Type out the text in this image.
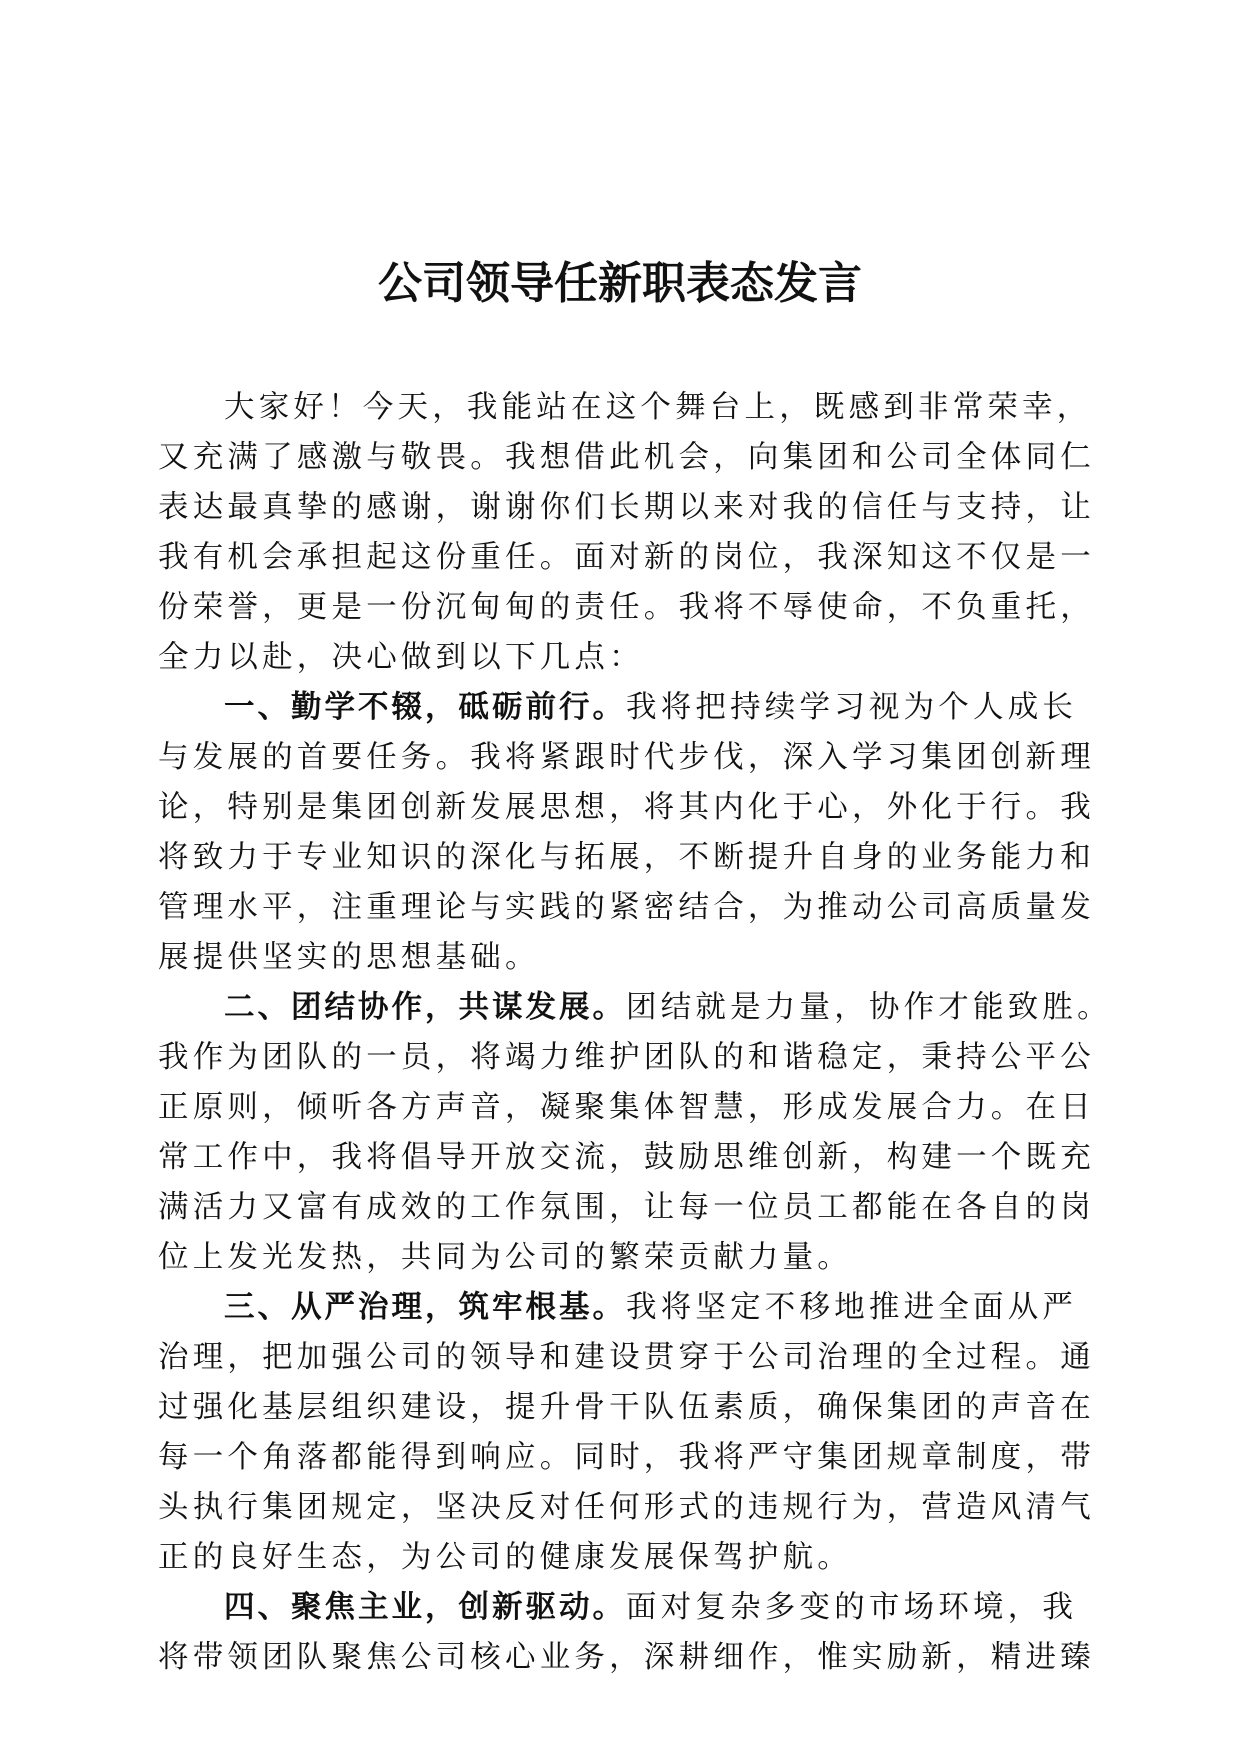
公司领导任新职表态发言
大家好！今天，我能站在这个舞台上，既感到非常荣幸，
又充满了感激与敬畏。我想借此机会，向集团和公司全体同仁
表达最真挚的感谢，谢谢你们长期以来对我的信任与支持，让
我有机会承担起这份重任。面对新的岗位，我深知这不仅是一
份荣誉，更是一份沉甸甸的责任。我将不辱使命，不负重托，
全力以赴，决心做到以下几点：
一、勤学不辍，砥砺前行。我将把持续学习视为个人成长
与发展的首要任务。我将紧跟时代步伐，深入学习集团创新理
论，特别是集团创新发展思想，将其内化于心，外化于行。我
将致力于专业知识的深化与拓展，不断提升自身的业务能力和
管理水平，注重理论与实践的紧密结合，为推动公司高质量发
展提供坚实的思想基础。
二、团结协作，共谋发展。团结就是力量，协作才能致胜。
我作为团队的一员，将竭力维护团队的和谐稳定，秉持公平公
正原则，倾听各方声音，凝聚集体智慧，形成发展合力。在日
常工作中，我将倡导开放交流，鼓励思维创新，构建一个既充
满活力又富有成效的工作氛围，让每一位员工都能在各自的岗
位上发光发热，共同为公司的繁荣贡献力量。
三、从严治理，筑牢根基。我将坚定不移地推进全面从严
治理，把加强公司的领导和建设贯穿于公司治理的全过程。通
过强化基层组织建设，提升骨干队伍素质，确保集团的声音在
每一个角落都能得到响应。同时，我将严守集团规章制度，带
头执行集团规定，坚决反对任何形式的违规行为，营造风清气
正的良好生态，为公司的健康发展保驾护航。
四、聚焦主业，创新驱动。面对复杂多变的市场环境，我
将带领团队聚焦公司核心业务，深耕细作，惟实励新，精进臻
